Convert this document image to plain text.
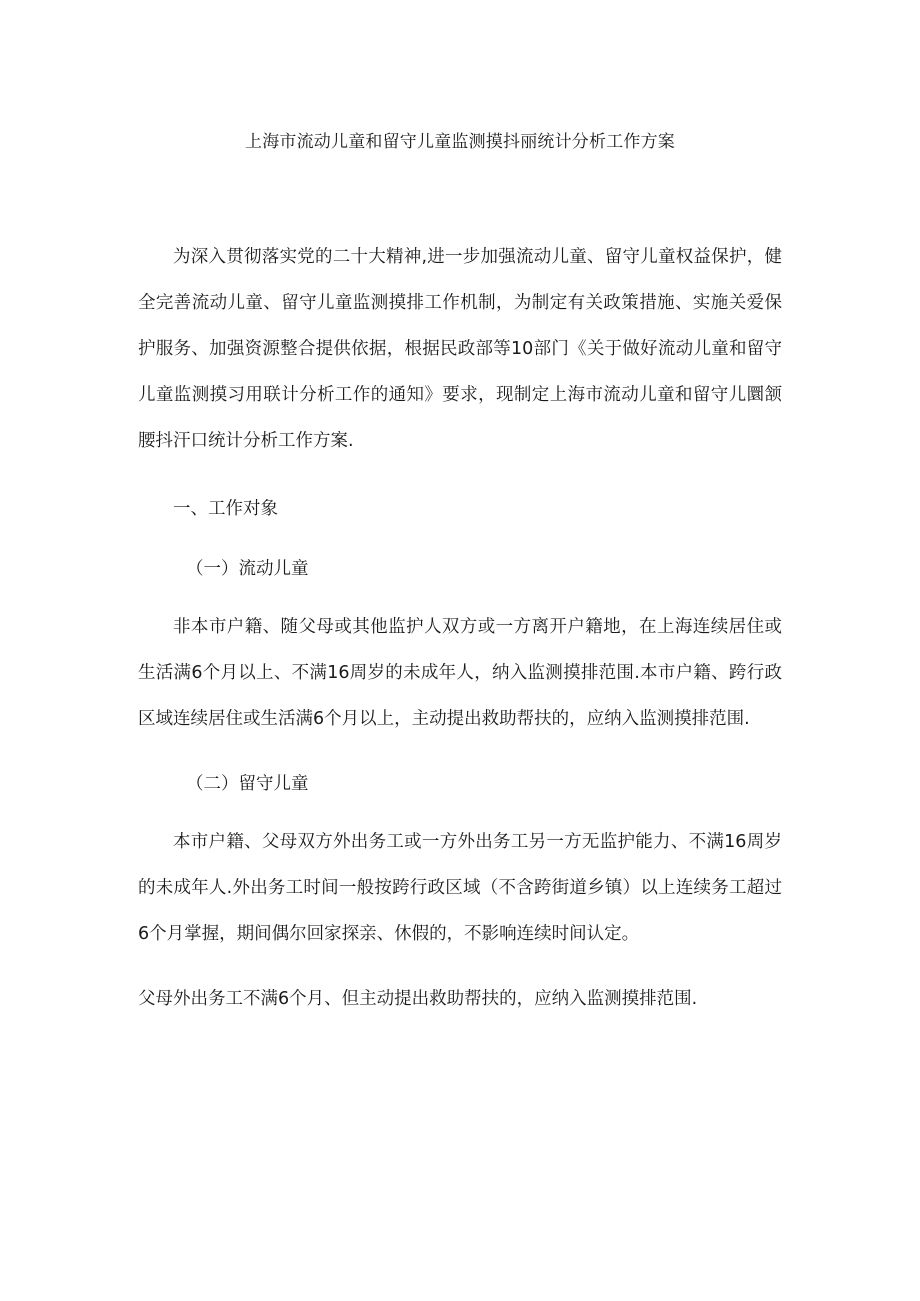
上海市流动儿童和留守儿童监测摸抖丽统计分析工作方案

为深入贯彻落实党的二十大精神,进一步加强流动儿童、留守儿童权益保护，健全完善流动儿童、留守儿童监测摸排工作机制，为制定有关政策措施、实施关爱保护服务、加强资源整合提供依据，根据民政部等10部门《关于做好流动儿童和留守儿童监测摸习用联计分析工作的通知》要求，现制定上海市流动儿童和留守儿圜颔腰抖汗口统计分析工作方案.

一、工作对象
（一）流动儿童

非本市户籍、随父母或其他监护人双方或一方离开户籍地，在上海连续居住或生活满6个月以上、不满16周岁的未成年人，纳入监测摸排范围.本市户籍、跨行政区域连续居住或生活满6个月以上，主动提出救助帮扶的，应纳入监测摸排范围.

（二）留守儿童

本市户籍、父母双方外出务工或一方外出务工另一方无监护能力、不满16周岁的未成年人.外出务工时间一般按跨行政区域（不含跨街道乡镇）以上连续务工超过6个月掌握，期间偶尔回家探亲、休假的，不影响连续时间认定。

父母外出务工不满6个月、但主动提出救助帮扶的，应纳入监测摸排范围.
